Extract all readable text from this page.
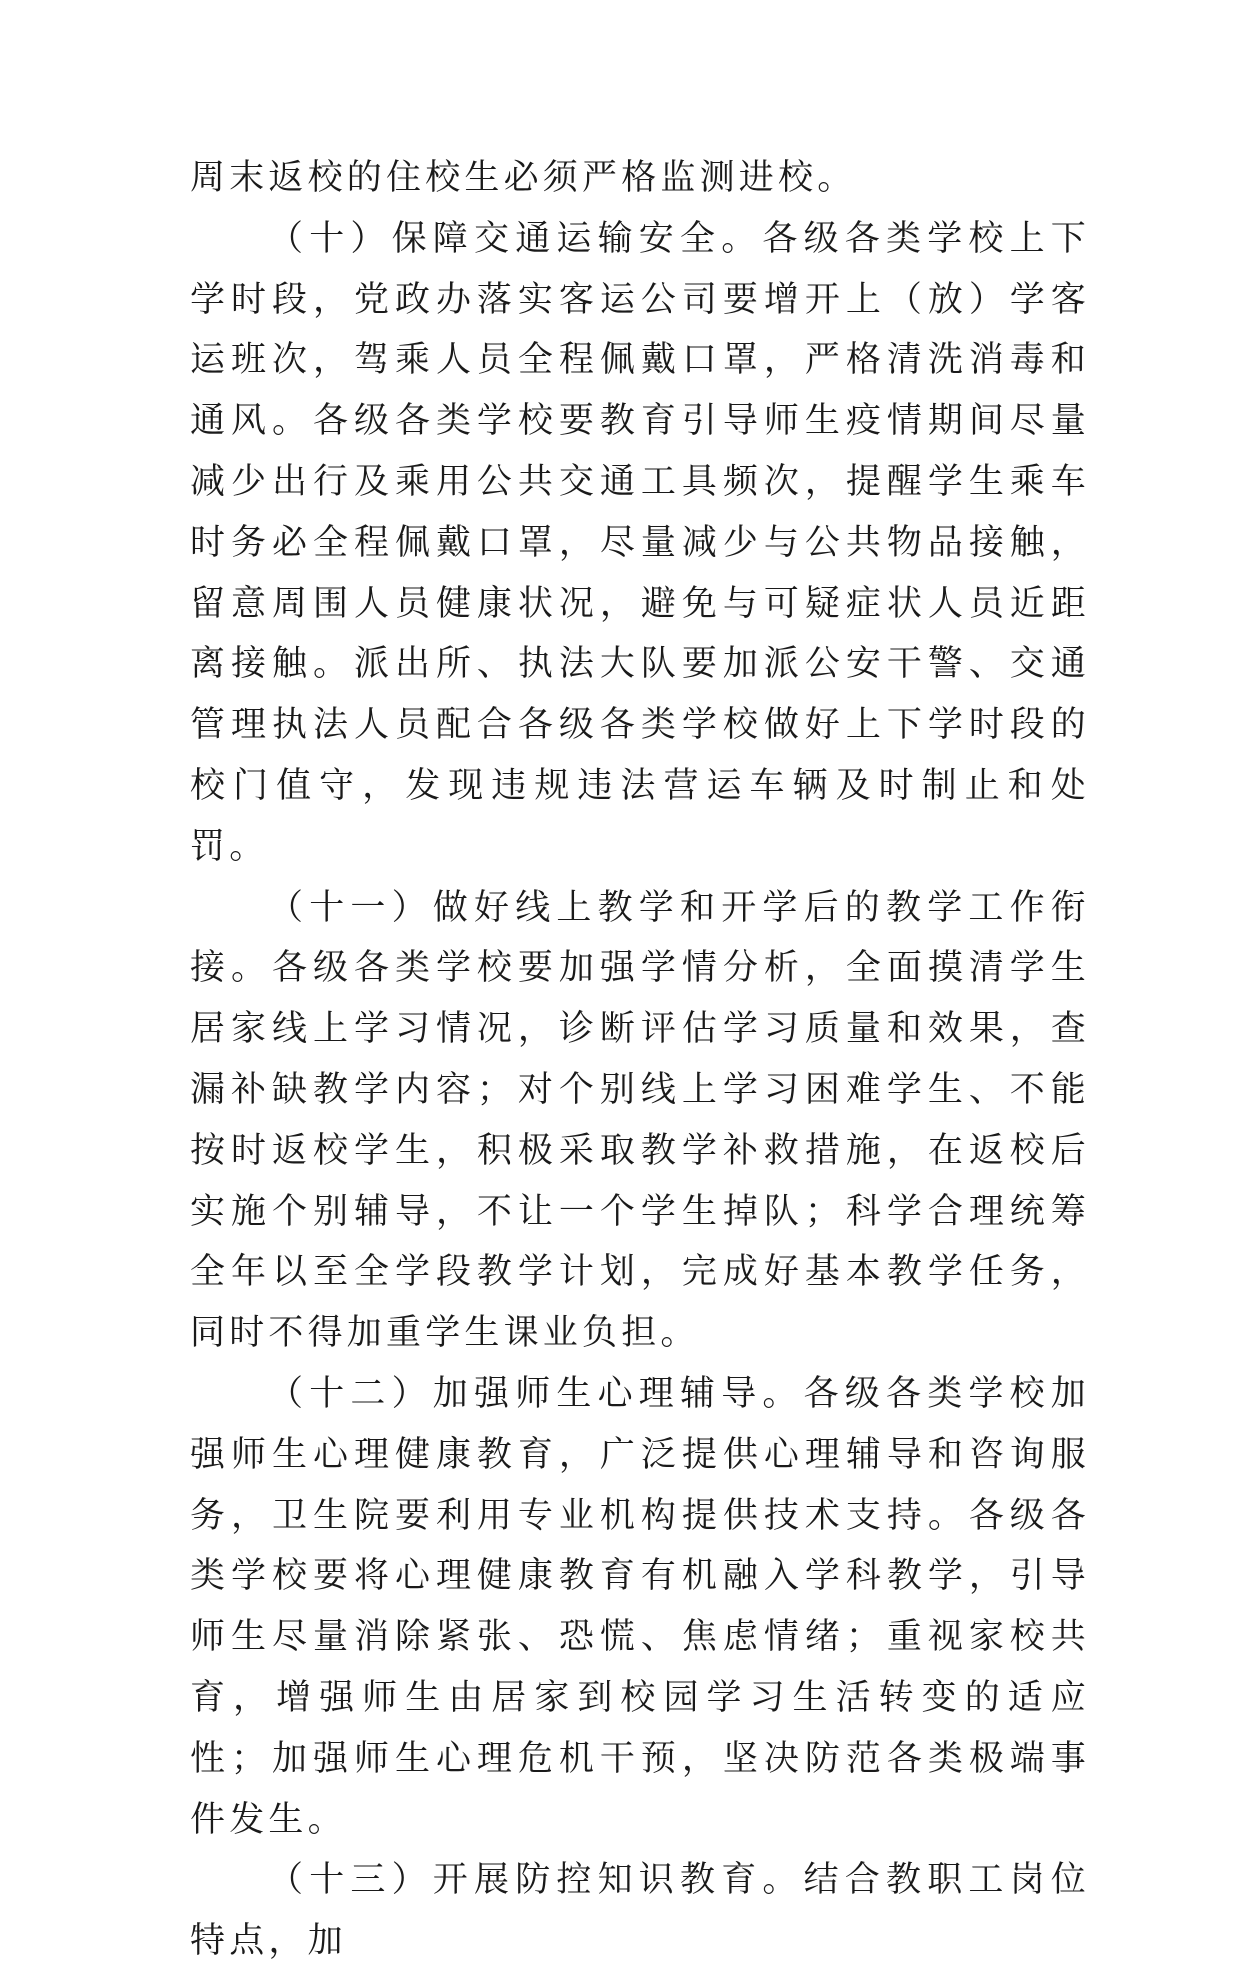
周末返校的住校生必须严格监测进校。

（十）保障交通运输安全。各级各类学校上下学时段，党政办落实客运公司要增开上（放）学客运班次，驾乘人员全程佩戴口罩，严格清洗消毒和通风。各级各类学校要教育引导师生疫情期间尽量减少出行及乘用公共交通工具频次，提醒学生乘车时务必全程佩戴口罩，尽量减少与公共物品接触，留意周围人员健康状况，避免与可疑症状人员近距离接触。派出所、执法大队要加派公安干警、交通管理执法人员配合各级各类学校做好上下学时段的校门值守，发现违规违法营运车辆及时制止和处罚。

（十一）做好线上教学和开学后的教学工作衔接。各级各类学校要加强学情分析，全面摸清学生居家线上学习情况，诊断评估学习质量和效果，查漏补缺教学内容；对个别线上学习困难学生、不能按时返校学生，积极采取教学补救措施，在返校后实施个别辅导，不让一个学生掉队；科学合理统筹全年以至全学段教学计划，完成好基本教学任务，同时不得加重学生课业负担。

（十二）加强师生心理辅导。各级各类学校加强师生心理健康教育，广泛提供心理辅导和咨询服务，卫生院要利用专业机构提供技术支持。各级各类学校要将心理健康教育有机融入学科教学，引导师生尽量消除紧张、恐慌、焦虑情绪；重视家校共育，增强师生由居家到校园学习生活转变的适应性；加强师生心理危机干预，坚决防范各类极端事件发生。

（十三）开展防控知识教育。结合教职工岗位特点，加
